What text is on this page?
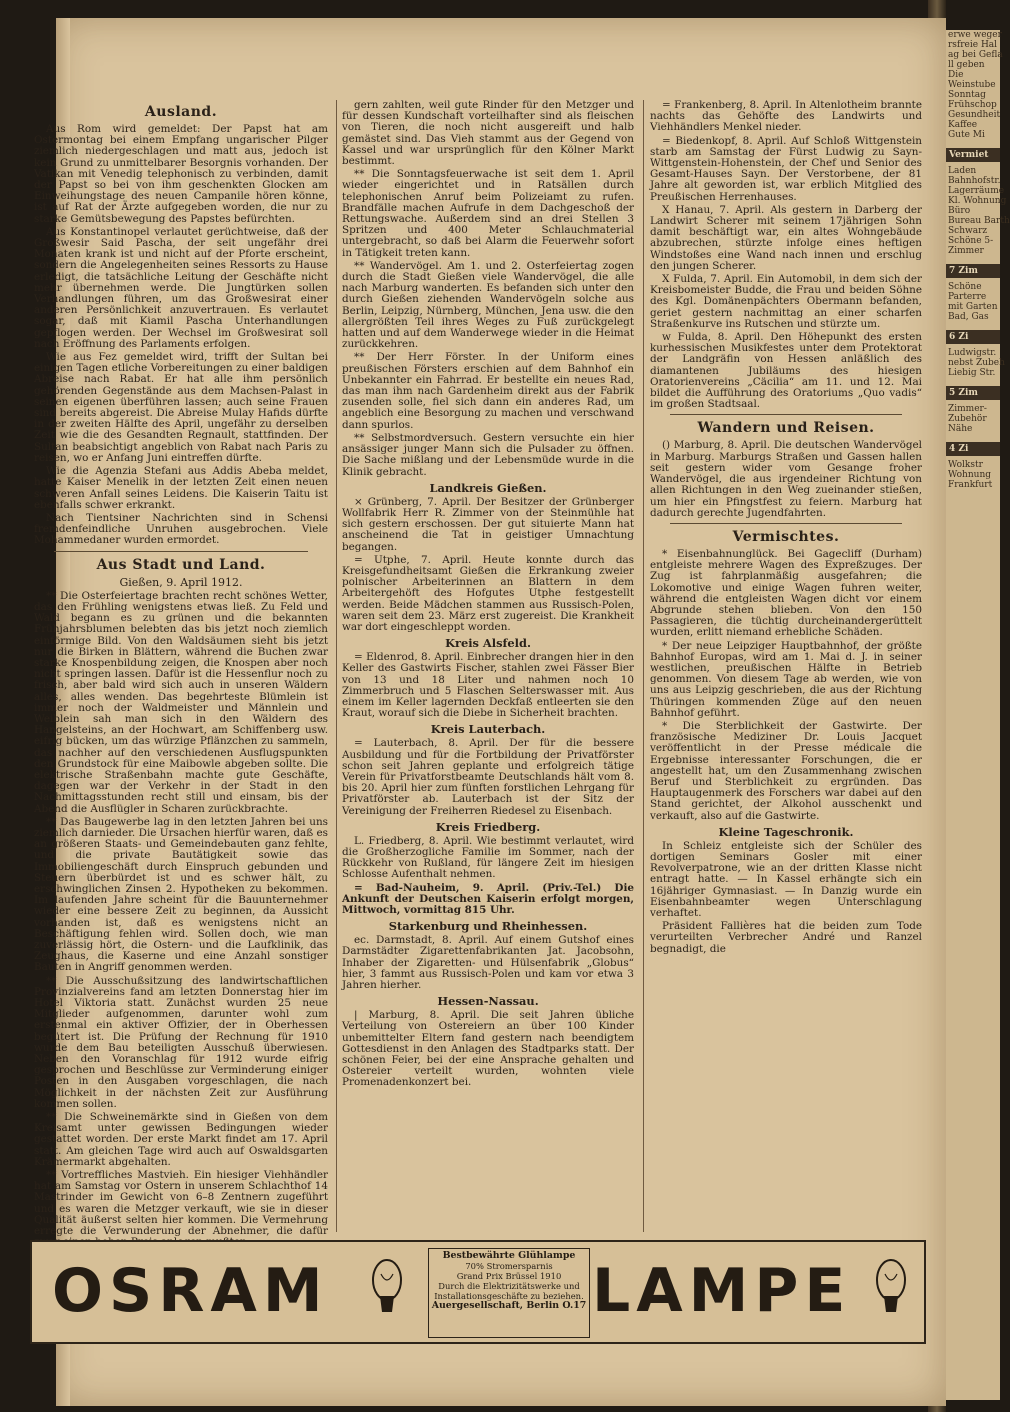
Ausland.

Aus Rom wird gemeldet: Der Papst hat am Ostermontag bei einem Empfang ungarischer Pilger ziemlich niedergeschlagen und matt aus, jedoch ist kein Grund zu unmittelbarer Besorgnis vorhanden. Der Vatikan mit Venedig telephonisch zu verbinden, damit der Papst so bei von ihm geschenkten Glocken am Einweihungstage des neuen Campanile hören könne, ist auf Rat der Ärzte aufgegeben worden, die nur zu starke Gemütsbewegung des Papstes befürchten.

Aus Konstantinopel verlautet gerüchtweise, daß der Großwesir Said Pascha, der seit ungefähr drei Monaten krank ist und nicht auf der Pforte erscheint, sondern die Angelegenheiten seines Ressorts zu Hause erledigt, die tatsächliche Leitung der Geschäfte nicht mehr übernehmen werde. Die Jungtürken sollen Verhandlungen führen, um das Großwesirat einer anderen Persönlichkeit anzuvertrauen. Es verlautet sogar, daß mit Kiamil Pascha Unterhandlungen gepflogen werden. Der Wechsel im Großwesirat soll nach Eröffnung des Parlaments erfolgen.

Wie aus Fez gemeldet wird, trifft der Sultan bei einigen Tagen etliche Vorbereitungen zu einer baldigen Abreise nach Rabat. Er hat alle ihm persönlich gehörenden Gegenstände aus dem Machsen-Palast in seinen eigenen überführen lassen; auch seine Frauen sind bereits abgereist. Die Abreise Mulay Hafids dürfte in der zweiten Hälfte des April, ungefähr zu derselben Zeit wie die des Gesandten Regnault, stattfinden. Der Sultan beabsichtigt angeblich von Rabat nach Paris zu reisen, wo er Anfang Juni eintreffen dürfte.

Wie die Agenzia Stefani aus Addis Abeba meldet, hatte Kaiser Menelik in der letzten Zeit einen neuen schweren Anfall seines Leidens. Die Kaiserin Taitu ist ebenfalls schwer erkrankt.

Nach Tientsiner Nachrichten sind in Schensi fremdenfeindliche Unruhen ausgebrochen. Viele Mohammedaner wurden ermordet.

Aus Stadt und Land.
Gießen, 9. April 1912.

** Die Osterfeiertage brachten recht schönes Wetter, das den Frühling wenigstens etwas ließ. Zu Feld und Wald begann es zu grünen und die bekannten Frühjahrsblumen belebten das bis jetzt noch ziemlich einförmige Bild. Von den Waldsäumen sieht bis jetzt nur die Birken in Blättern, während die Buchen zwar starke Knospenbildung zeigen, die Knospen aber noch nicht springen lassen. Dafür ist die Hessenflur noch zu frisch, aber bald wird sich auch in unseren Wäldern alles, alles wenden. Das begehrteste Blümlein ist immer noch der Waldmeister und Männlein und Weiblein sah man sich in den Wäldern des Hangelsteins, an der Hochwart, am Schiffenberg usw. eifrig bücken, um das würzige Pflänzchen zu sammeln, das nachher auf den verschiedenen Ausflugspunkten den Grundstock für eine Maibowle abgeben sollte. Die elektrische Straßenbahn machte gute Geschäfte, dagegen war der Verkehr in der Stadt in den Nachmittagsstunden recht still und einsam, bis der Abend die Ausflügler in Scharen zurückbrachte.

** Das Baugewerbe lag in den letzten Jahren bei uns ziemlich darnieder. Die Ursachen hierfür waren, daß es an größeren Staats- und Gemeindebauten ganz fehlte, und die private Bautätigkeit sowie das Immobiliengeschäft durch Einspruch gebunden und Steuern überbürdet ist und es schwer hält, zu erschwinglichen Zinsen 2. Hypotheken zu bekommen. Im laufenden Jahre scheint für die Bauunternehmer wieder eine bessere Zeit zu beginnen, da Aussicht vorhanden ist, daß es wenigstens nicht an Beschäftigung fehlen wird. Sollen doch, wie man zuverlässig hört, die Ostern- und die Laufklinik, das Zeughaus, die Kaserne und eine Anzahl sonstiger Bauten in Angriff genommen werden.

** Die Ausschußsitzung des landwirtschaftlichen Provinzialvereins fand am letzten Donnerstag hier im Hotel Viktoria statt. Zunächst wurden 25 neue Mitglieder aufgenommen, darunter wohl zum erstenmal ein aktiver Offizier, der in Oberhessen begütert ist. Die Prüfung der Rechnung für 1910 wurde dem Bau beteiligten Ausschuß überwiesen. Neben den Voranschlag für 1912 wurde eifrig gesprochen und Beschlüsse zur Verminderung einiger Posten in den Ausgaben vorgeschlagen, die nach Möglichkeit in der nächsten Zeit zur Ausführung kommen sollen.

** Die Schweinemärkte sind in Gießen von dem Kreisamt unter gewissen Bedingungen wieder gestattet worden. Der erste Markt findet am 17. April statt. Am gleichen Tage wird auch auf Oswaldsgarten Krämermarkt abgehalten.

** Vortreffliches Mastvieh. Ein hiesiger Viehhändler hat am Samstag vor Ostern in unserem Schlachthof 14 Mastrinder im Gewicht von 6–8 Zentnern zugeführt und es waren die Metzger verkauft, wie sie in dieser Qualität äußerst selten hier kommen. Die Vermehrung erregte die Verwunderung der Abnehmer, die dafür

gern zahlten, weil gute Rinder für den Metzger und für dessen Kundschaft vorteilhafter sind als fleischen von Tieren, die noch nicht ausgereift und halb gemästet sind. Das Vieh stammt aus der Gegend von Kassel und war ursprünglich für den Kölner Markt bestimmt.

** Die Sonntagsfeuerwache ist seit dem 1. April wieder eingerichtet und in Ratsällen durch telephonischen Anruf beim Polizeiamt zu rufen. Brandfälle machen Aufrufe in dem Dachgeschoß der Rettungswache. Außerdem sind an drei Stellen 3 Spritzen und 400 Meter Schlauchmaterial untergebracht, so daß bei Alarm die Feuerwehr sofort in Tätigkeit treten kann.

** Wandervögel. Am 1. und 2. Osterfeiertag zogen durch die Stadt Gießen viele Wandervögel, die alle nach Marburg wanderten. Es befanden sich unter den durch Gießen ziehenden Wandervögeln solche aus Berlin, Leipzig, Nürnberg, München, Jena usw. die den allergrößten Teil ihres Weges zu Fuß zurückgelegt hatten und auf dem Wanderwege wieder in die Heimat zurückkehren.

** Der Herr Förster. In der Uniform eines preußischen Försters erschien auf dem Bahnhof ein Unbekannter ein Fahrrad. Er bestellte ein neues Rad, das man ihm nach Gardenheim direkt aus der Fabrik zusenden solle, fiel sich dann ein anderes Rad, um angeblich eine Besorgung zu machen und verschwand dann spurlos.

** Selbstmordversuch. Gestern versuchte ein hier ansässiger junger Mann sich die Pulsader zu öffnen. Die Sache mißlang und der Lebensmüde wurde in die Klinik gebracht.

Landkreis Gießen.

× Grünberg, 7. April. Der Besitzer der Grünberger Wollfabrik Herr R. Zimmer von der Steinmühle hat sich gestern erschossen. Der gut situierte Mann hat anscheinend die Tat in geistiger Umnachtung begangen.

= Utphe, 7. April. Heute konnte durch das Kreisgefundheitsamt Gießen die Erkrankung zweier polnischer Arbeiterinnen an Blattern in dem Arbeitergehöft des Hofgutes Utphe festgestellt werden. Beide Mädchen stammen aus Russisch-Polen, waren seit dem 23. März erst zugereist. Die Krankheit war dort eingeschleppt worden.

Kreis Alsfeld.

= Eldenrod, 8. April. Einbrecher drangen hier in den Keller des Gastwirts Fischer, stahlen zwei Fässer Bier von 13 und 18 Liter und nahmen noch 10 Zimmerbruch und 5 Flaschen Selterswasser mit. Aus einem im Keller lagernden Deckfaß entleerten sie den Kraut, worauf sich die Diebe in Sicherheit brachten.

Kreis Lauterbach.

= Lauterbach, 8. April. Der für die bessere Ausbildung und für die Fortbildung der Privatförster schon seit Jahren geplante und erfolgreich tätige Verein für Privatforstbeamte Deutschlands hält vom 8. bis 20. April hier zum fünften forstlichen Lehrgang für Privatförster ab. Lauterbach ist der Sitz der Vereinigung der Freiherren Riedesel zu Eisenbach.

Kreis Friedberg.

L. Friedberg, 8. April. Wie bestimmt verlautet, wird die Großherzogliche Familie im Sommer, nach der Rückkehr von Rußland, für längere Zeit im hiesigen Schlosse Aufenthalt nehmen.

= Bad-Nauheim, 9. April. (Priv.-Tel.) Die Ankunft der Deutschen Kaiserin erfolgt morgen, Mittwoch, vormittag 815 Uhr.

Starkenburg und Rheinhessen.

ec. Darmstadt, 8. April. Auf einem Gutshof eines Darmstädter Zigarettenfabrikanten Jat. Jacobsohn, Inhaber der Zigaretten- und Hülsenfabrik „Globus“ hier, 3 fammt aus Russisch-Polen und kam vor etwa 3 Jahren hierher.

Hessen-Nassau.

| Marburg, 8. April. Die seit Jahren übliche Verteilung von Ostereiern an über 100 Kinder unbemittelter Eltern fand gestern nach beendigtem Gottesdienst in den Anlagen des Stadtparks statt. Der schönen Feier, bei der eine Ansprache gehalten und Ostereier verteilt wurden, wohnten viele Promenadenkonzert bei.

= Frankenberg, 8. April. In Altenlotheim brannte nachts das Gehöfte des Landwirts und Viehhändlers Menkel nieder.

= Biedenkopf, 8. April. Auf Schloß Wittgenstein starb am Samstag der Fürst Ludwig zu Sayn-Wittgenstein-Hohenstein, der Chef und Senior des Gesamt-Hauses Sayn. Der Verstorbene, der 81 Jahre alt geworden ist, war erblich Mitglied des Preußischen Herrenhauses.

X Hanau, 7. April. Als gestern in Darberg der Landwirt Scherer mit seinem 17jährigen Sohn damit beschäftigt war, ein altes Wohngebäude abzubrechen, stürzte infolge eines heftigen Windstoßes eine Wand nach innen und erschlug den jungen Scherer.

X Fulda, 7. April. Ein Automobil, in dem sich der Kreisbomeister Budde, die Frau und beiden Söhne des Kgl. Domänenpächters Obermann befanden, geriet gestern nachmittag an einer scharfen Straßenkurve ins Rutschen und stürzte um.

w Fulda, 8. April. Den Höhepunkt des ersten kurhessischen Musikfestes unter dem Protektorat der Landgräfin von Hessen anläßlich des diamantenen Jubiläums des hiesigen Oratorienvereins „Cäcilia“ am 11. und 12. Mai bildet die Aufführung des Oratoriums „Quo vadis“ im großen Stadtsaal.

Wandern und Reisen.

() Marburg, 8. April. Die deutschen Wandervögel in Marburg. Marburgs Straßen und Gassen hallen seit gestern wider vom Gesange froher Wandervögel, die aus irgendeiner Richtung von allen Richtungen in den Weg zueinander stießen, um hier ein Pfingstfest zu feiern. Marburg hat dadurch gerechte Jugendfahrten.

Vermischtes.

* Eisenbahnunglück. Bei Gagecliff (Durham) entgleiste mehrere Wagen des Expreßzuges. Der Zug ist fahrplanmäßig ausgefahren; die Lokomotive und einige Wagen fuhren weiter, während die entgleisten Wagen dicht vor einem Abgrunde stehen blieben. Von den 150 Passagieren, die tüchtig durcheinandergerüttelt wurden, erlitt niemand erhebliche Schäden.

* Der neue Leipziger Hauptbahnhof, der größte Bahnhof Europas, wird am 1. Mai d. J. in seiner westlichen, preußischen Hälfte in Betrieb genommen. Von diesem Tage ab werden, wie von uns aus Leipzig geschrieben, die aus der Richtung Thüringen kommenden Züge auf den neuen Bahnhof geführt.

* Die Sterblichkeit der Gastwirte. Der französische Mediziner Dr. Louis Jacquet veröffentlicht in der Presse médicale die Ergebnisse interessanter Forschungen, die er angestellt hat, um den Zusammenhang zwischen Beruf und Sterblichkeit zu ergründen. Das Hauptaugenmerk des Forschers war dabei auf den Stand gerichtet, der Alkohol ausschenkt und verkauft, also auf die Gastwirte.

Kleine Tageschronik.

In Schleiz entgleiste sich der Schüler des dortigen Seminars Gosler mit einer Revolverpatrone, wie an der dritten Klasse nicht entragt hatte. — In Kassel erhängte sich ein 16jähriger Gymnasiast. — In Danzig wurde ein Eisenbahnbeamter wegen Unterschlagung verhaftet.

Präsident Fallières hat die beiden zum Tode verurteilten Verbrecher André und Ranzel begnadigt, die

OSRAM
Bestbewährte Glühlampe
70% Stromersparnis
Grand Prix Brüssel 1910
Durch die Elektrizitätswerke und Installationsgeschäfte zu beziehen.
Auergesellschaft, Berlin O.17 LAMPE
erwe weger
rsfreie Hal
ag bei Gefla
ll geben
Die
Weinstube
Sonntag
Frühschop
Gesundheit
Kaffee
Gute Mi
Vermiet
Laden
Bahnhofstr.
Lagerräume
Kl. Wohnung
Büro
Bureau Barth
Schwarz
Schöne 5-
Zimmer
7 Zim
Schöne
Parterre
mit Garten
Bad, Gas
6 Zi
Ludwigstr.
nebst Zubeh
Liebig Str.
5 Zim
Zimmer-
Zubehör
Nähe
4 Zi
Wolkstr
Wohnung
Frankfurt
